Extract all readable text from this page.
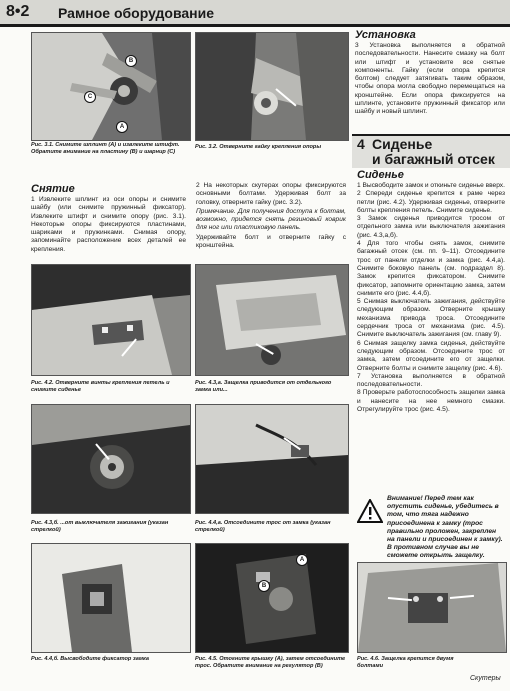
8•2 Рамное оборудование
B
C
A
Рис. 3.1. Снимите шплинт (А) и извлеките штифт. Обратите внимание на пластину (B) и шарнир (C)
Рис. 3.2. Отверните гайку крепления опоры
Снятие

1 Извлеките шплинт из оси опоры и снимите шайбу (или снимите пружинный фиксатор). Извлеките штифт и снимите опору (рис. 3.1). Некоторые опоры фиксируются пластинами, шариками и пружинками. Снимая опору, запоминайте расположение всех деталей ее крепления.

2 На некоторых скутерах опоры фиксируются основными болтами. Удерживая болт за головку, отверните гайку (рис. 3.2).

Примечание. Для получения доступа к болтам, возможно, придется снять резиновый коврик для ног или пластиковую панель.

Удерживайте болт и отверните гайку с кронштейна.

Установка

3 Установка выполняется в обратной последовательности. Нанесите смазку на болт или штифт и установите все снятые компоненты. Гайку (если опора крепится болтом) следует затягивать таким образом, чтобы опора могла свободно перемещаться на кронштейне. Если опора фиксируется на шплинте, установите пружинный фиксатор или шайбу и новый шплинт.

4 Сиденье
и багажный отсек
Сиденье

1 Высвободите замок и откиньте сиденье вверх.

2 Спереди сиденье крепится к раме через петли (рис. 4.2). Удерживая сиденье, отверните болты крепления петель. Снимите сиденье.

3 Замок сиденья приводится тросом от отдельного замка или выключателя зажигания (рис. 4.3,а,б).

4 Для того чтобы снять замок, снимите багажный отсек (см. пп. 9–11). Отсоедините трос от панели отделки и замка (рис. 4.4,а). Снимите боковую панель (см. подраздел 8). Замок крепится фиксатором. Снимите фиксатор, запомните ориентацию замка, затем снимите его (рис. 4.4,б).

5 Снимая выключатель зажигания, действуйте следующим образом. Отверните крышку механизма привода троса. Отсоедините сердечник троса от механизма (рис. 4.5). Снимите выключатель зажигания (см. главу 9).

6 Снимая защелку замка сиденья, действуйте следующим образом. Отсоедините трос от замка, затем отсоедините его от защелки. Отверните болты и снимите защелку (рис. 4.6).

7 Установка выполняется в обратной последовательности.

8 Проверьте работоспособность защелки замка и нанесите на нее немного смазки. Отрегулируйте трос (рис. 4.5).

Внимание! Перед тем как опустить сиденье, убедитесь в том, что тяга надежно присоединена к замку (трос правильно проложен, закреплен на панели и присоединен к замку). В противном случае вы не сможете открыть защелку.
Рис. 4.2. Отверните винты крепления петель и снимите сиденье
Рис. 4.3,а. Защелка приводится от отдельного замка или...
Рис. 4.3,б. ...от выключателя зажигания (указан стрелкой)
Рис. 4.4,а. Отсоедините трос от замка (указан стрелкой)
Рис. 4.4,б. Высвободите фиксатор замка
A
B
Рис. 4.5. Отогните крышку (A), затем отсоедините трос. Обратите внимание на регулятор (B)
Рис. 4.6. Защелка крепится двумя болтами
Скутеры
